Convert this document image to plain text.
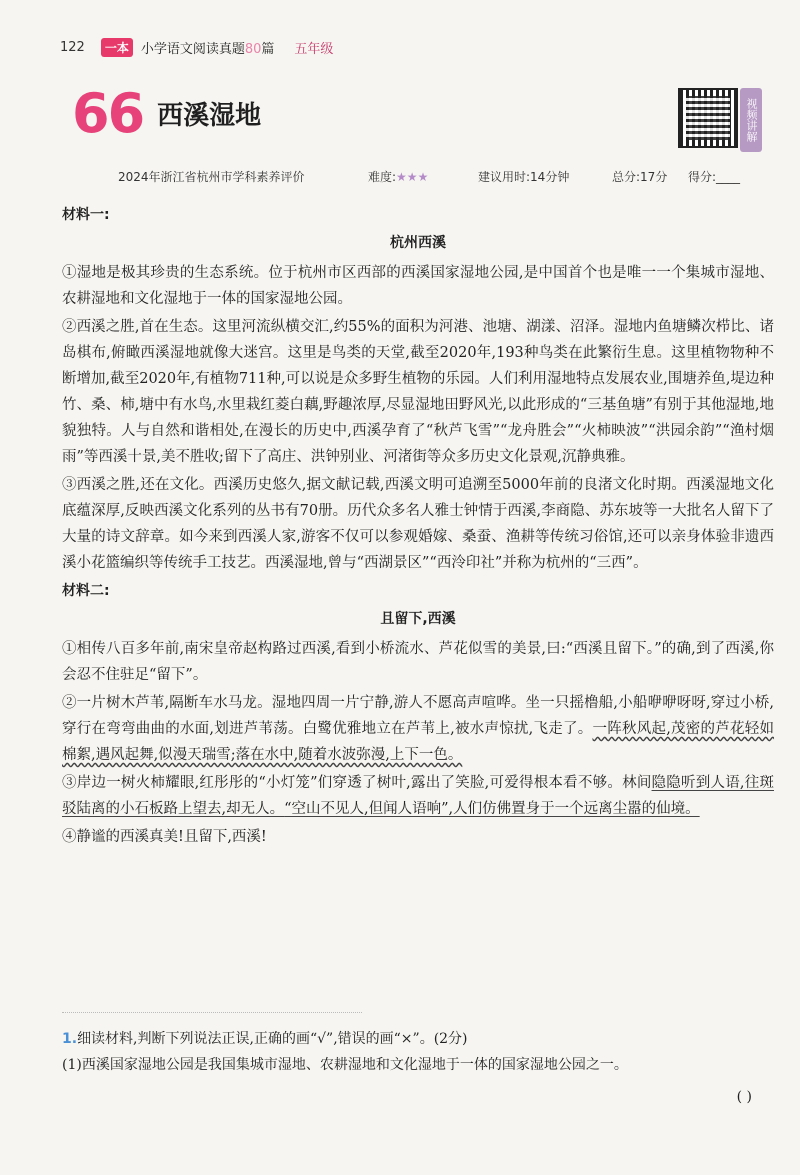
122	一本 小学语文阅读真题80篇 五年级
66 西溪湿地	视频讲解
2024年浙江省杭州市学科素养评价	难度:★★★	建议用时:14分钟	总分:17分	得分:____

材料一:

杭州西溪

①湿地是极其珍贵的生态系统。位于杭州市区西部的西溪国家湿地公园,是中国首个也是唯一一个集城市湿地、农耕湿地和文化湿地于一体的国家湿地公园。

②西溪之胜,首在生态。这里河流纵横交汇,约55%的面积为河港、池塘、湖漾、沼泽。湿地内鱼塘鳞次栉比、诸岛棋布,俯瞰西溪湿地就像大迷宫。这里是鸟类的天堂,截至2020年,193种鸟类在此繁衍生息。这里植物物种不断增加,截至2020年,有植物711种,可以说是众多野生植物的乐园。人们利用湿地特点发展农业,围塘养鱼,堤边种竹、桑、柿,塘中有水鸟,水里栽红菱白藕,野趣浓厚,尽显湿地田野风光,以此形成的“三基鱼塘”有别于其他湿地,地貌独特。人与自然和谐相处,在漫长的历史中,西溪孕育了“秋芦飞雪”“龙舟胜会”“火柿映波”“洪园余韵”“渔村烟雨”等西溪十景,美不胜收;留下了高庄、洪钟别业、河渚街等众多历史文化景观,沉静典雅。

③西溪之胜,还在文化。西溪历史悠久,据文献记载,西溪文明可追溯至5000年前的良渚文化时期。西溪湿地文化底蕴深厚,反映西溪文化系列的丛书有70册。历代众多名人雅士钟情于西溪,李商隐、苏东坡等一大批名人留下了大量的诗文辞章。如今来到西溪人家,游客不仅可以参观婚嫁、桑蚕、渔耕等传统习俗馆,还可以亲身体验非遗西溪小花篮编织等传统手工技艺。西溪湿地,曾与“西湖景区”“西泠印社”并称为杭州的“三西”。

材料二:

且留下,西溪

①相传八百多年前,南宋皇帝赵构路过西溪,看到小桥流水、芦花似雪的美景,曰:“西溪且留下。”的确,到了西溪,你会忍不住驻足“留下”。

②一片树木芦苇,隔断车水马龙。湿地四周一片宁静,游人不愿高声喧哗。坐一只摇橹船,小船咿咿呀呀,穿过小桥,穿行在弯弯曲曲的水面,划进芦苇荡。白鹭优雅地立在芦苇上,被水声惊扰,飞走了。一阵秋风起,茂密的芦花轻如棉絮,遇风起舞,似漫天瑞雪;落在水中,随着水波弥漫,上下一色。

③岸边一树火柿耀眼,红彤彤的“小灯笼”们穿透了树叶,露出了笑脸,可爱得根本看不够。林间隐隐听到人语,往斑驳陆离的小石板路上望去,却无人。“空山不见人,但闻人语响”,人们仿佛置身于一个远离尘嚣的仙境。

④静谧的西溪真美!且留下,西溪!

1.细读材料,判断下列说法正误,正确的画“√”,错误的画“×”。(2分)
(1)西溪国家湿地公园是我国集城市湿地、农耕湿地和文化湿地于一体的国家湿地公园之一。
( )
